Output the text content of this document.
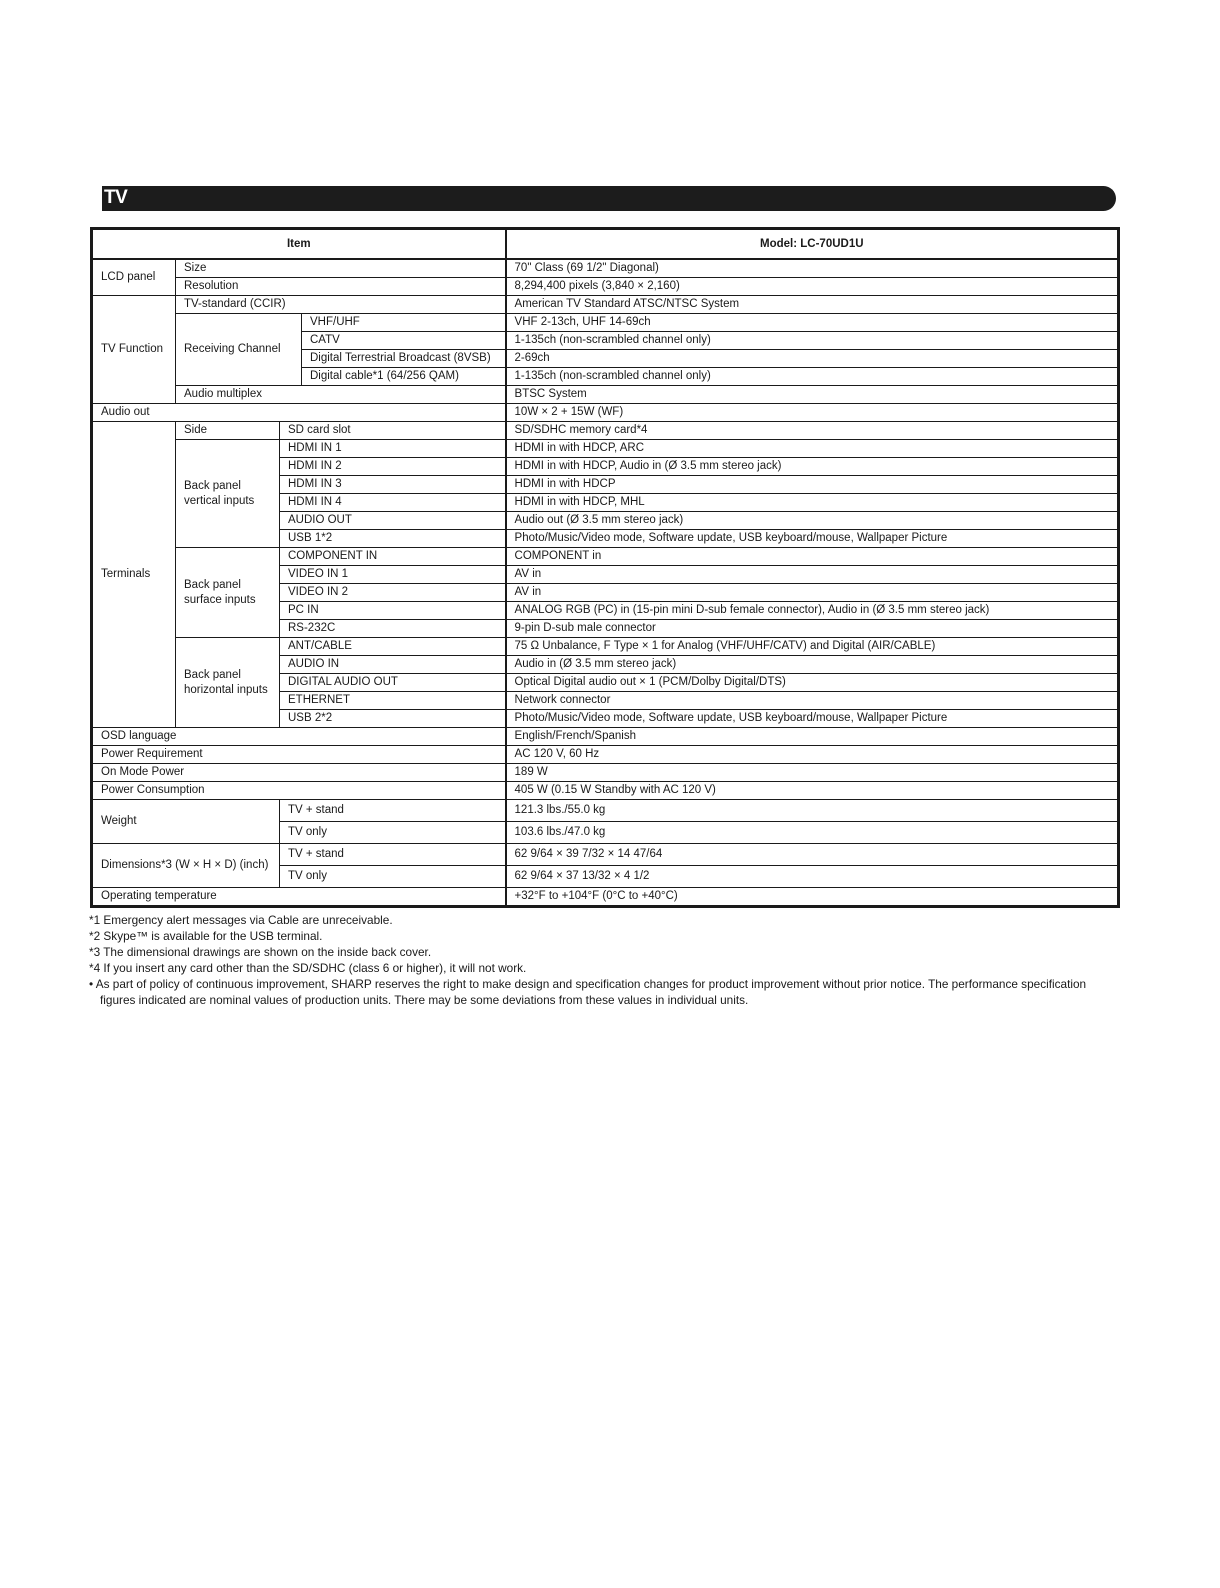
TV
Item				Model: LC-70UD1U
LCD panel	Size			70" Class (69 1/2" Diagonal)
	Resolution			8,294,400 pixels (3,840 × 2,160)
TV Function	TV-standard (CCIR)			American TV Standard ATSC/NTSC System
	Receiving Channel		VHF/UHF	VHF 2-13ch, UHF 14-69ch
			CATV	1-135ch (non-scrambled channel only)
			Digital Terrestrial Broadcast (8VSB)	2-69ch
			Digital cable*1 (64/256 QAM)	1-135ch (non-scrambled channel only)
	Audio multiplex			BTSC System
Audio out				10W × 2 + 15W (WF)
Terminals	Side	SD card slot		SD/SDHC memory card*4
	Back panel vertical inputs	HDMI IN 1		HDMI in with HDCP, ARC
		HDMI IN 2		HDMI in with HDCP, Audio in (Ø 3.5 mm stereo jack)
		HDMI IN 3		HDMI in with HDCP
		HDMI IN 4		HDMI in with HDCP, MHL
		AUDIO OUT		Audio out (Ø 3.5 mm stereo jack)
		USB 1*2		Photo/Music/Video mode, Software update, USB keyboard/mouse, Wallpaper Picture
	Back panel surface inputs	COMPONENT IN		COMPONENT in
		VIDEO IN 1		AV in
		VIDEO IN 2		AV in
		PC IN		ANALOG RGB (PC) in (15-pin mini D-sub female connector), Audio in (Ø 3.5 mm stereo jack)
		RS-232C		9-pin D-sub male connector
	Back panel horizontal inputs	ANT/CABLE		75 Ω Unbalance, F Type × 1 for Analog (VHF/UHF/CATV) and Digital (AIR/CABLE)
		AUDIO IN		Audio in (Ø 3.5 mm stereo jack)
		DIGITAL AUDIO OUT		Optical Digital audio out × 1 (PCM/Dolby Digital/DTS)
		ETHERNET		Network connector
		USB 2*2		Photo/Music/Video mode, Software update, USB keyboard/mouse, Wallpaper Picture
OSD language				English/French/Spanish
Power Requirement				AC 120 V, 60 Hz
On Mode Power				189 W
Power Consumption				405 W (0.15 W Standby with AC 120 V)
Weight		TV + stand		121.3 lbs./55.0 kg
		TV only		103.6 lbs./47.0 kg
Dimensions*3 (W × H × D) (inch)		TV + stand		62 9/64 × 39 7/32 × 14 47/64
		TV only		62 9/64 × 37 13/32 × 4 1/2
Operating temperature				+32°F to +104°F (0°C to +40°C)

*1 Emergency alert messages via Cable are unreceivable.

*2 Skype™ is available for the USB terminal.

*3 The dimensional drawings are shown on the inside back cover.

*4 If you insert any card other than the SD/SDHC (class 6 or higher), it will not work.

• As part of policy of continuous improvement, SHARP reserves the right to make design and specification changes for product improvement without prior notice. The performance specification figures indicated are nominal values of production units. There may be some deviations from these values in individual units.
